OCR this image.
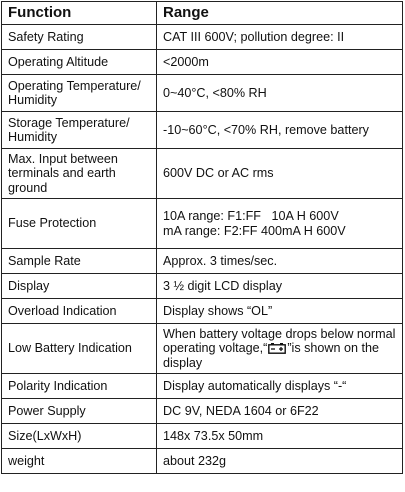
Function	Range
Safety Rating	CAT III 600V; pollution degree: II
Operating Altitude	<2000m
Operating Temperature/ Humidity	0~40°C, <80% RH
Storage Temperature/ Humidity	-10~60°C, <70% RH, remove battery
Max. Input between terminals and earth ground	600V DC or AC rms
Fuse Protection	10A range: F1:FF   10A H 600V
mA range: F2:FF 400mA H 600V

Sample Rate	Approx. 3 times/sec.
Display	3 ½ digit LCD display
Overload Indication	Display shows “OL”
Low Battery Indication	When battery voltage drops below normal operating voltage,“ ”is shown on the display
Polarity Indication	Display automatically displays “-“
Power Supply	DC 9V, NEDA 1604 or 6F22
Size(LxWxH)	148x 73.5x 50mm
weight	about 232g
